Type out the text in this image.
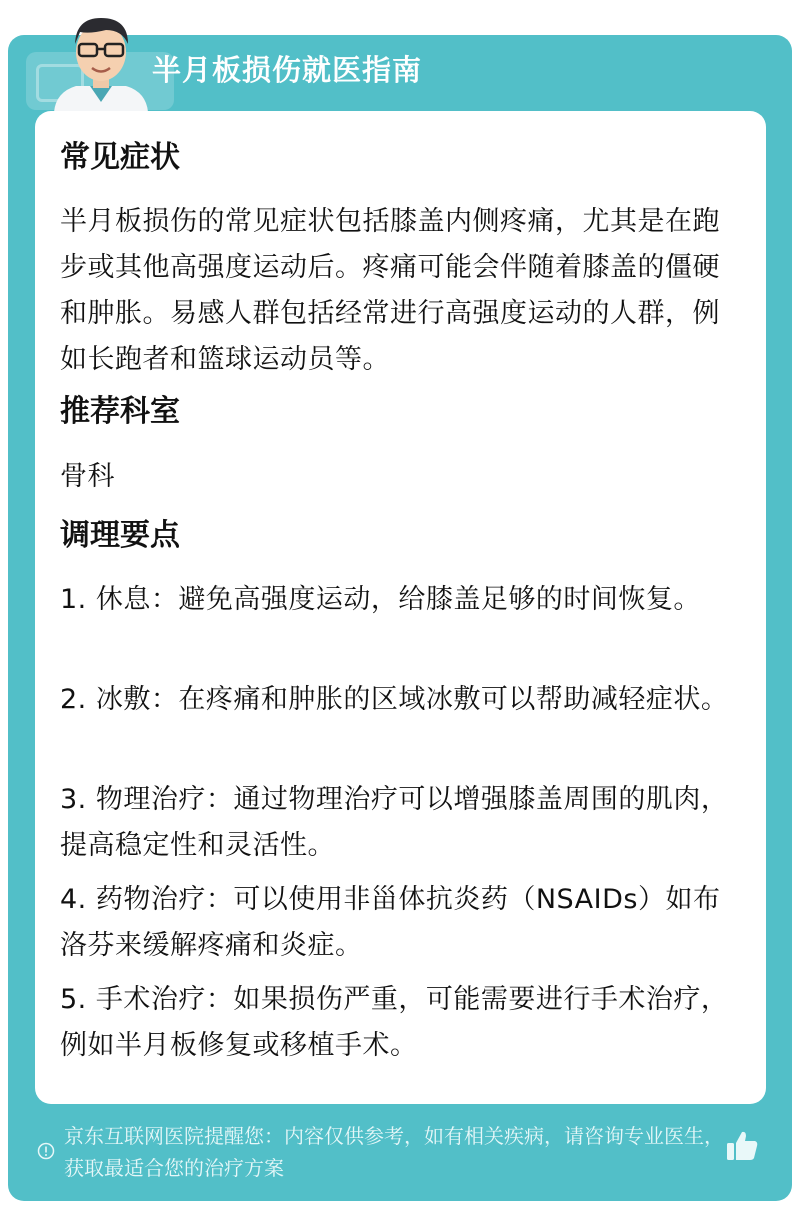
半月板损伤就医指南
常见症状
半月板损伤的常见症状包括膝盖内侧疼痛，尤其是在跑步或其他高强度运动后。疼痛可能会伴随着膝盖的僵硬和肿胀。易感人群包括经常进行高强度运动的人群，例如长跑者和篮球运动员等。
推荐科室
骨科
调理要点
1. 休息：避免高强度运动，给膝盖足够的时间恢复。
2. 冰敷：在疼痛和肿胀的区域冰敷可以帮助减轻症状。
3. 物理治疗：通过物理治疗可以增强膝盖周围的肌肉，提高稳定性和灵活性。
4. 药物治疗：可以使用非甾体抗炎药（NSAIDs）如布洛芬来缓解疼痛和炎症。
5. 手术治疗：如果损伤严重，可能需要进行手术治疗，例如半月板修复或移植手术。
京东互联网医院提醒您：内容仅供参考，如有相关疾病，请咨询专业医生，获取最适合您的治疗方案
